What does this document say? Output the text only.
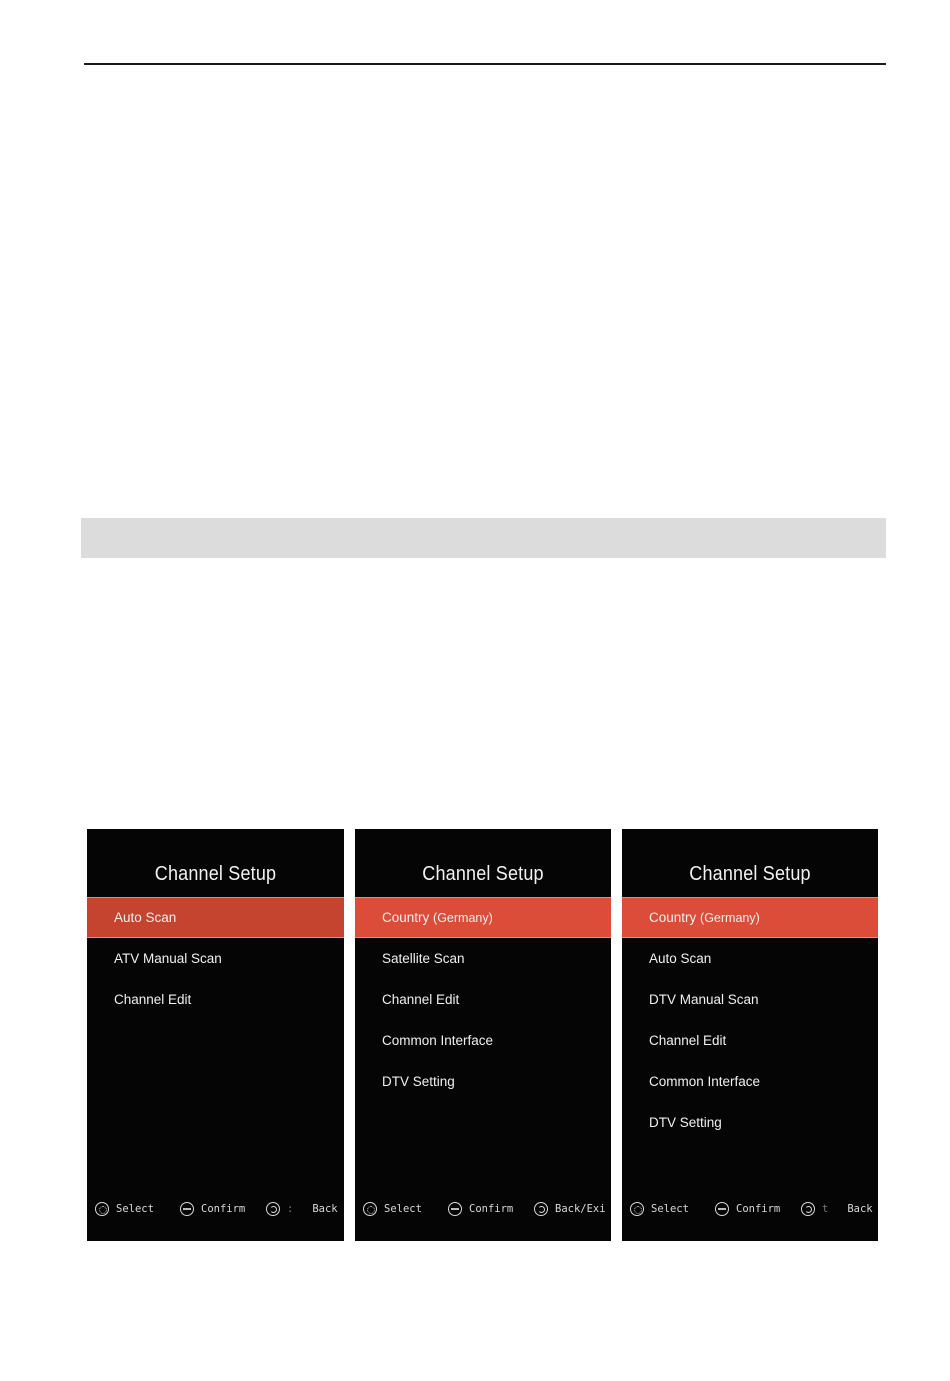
Channel Setup
Auto Scan
ATV Manual Scan
Channel Edit
Select	Confirm	: Back
Channel Setup
Country (Germany)
Satellite Scan
Channel Edit
Common Interface
DTV Setting
Select	Confirm	Back/Exi
Channel Setup
Country (Germany)
Auto Scan
DTV Manual Scan
Channel Edit
Common Interface
DTV Setting
Select	Confirm	t Back
